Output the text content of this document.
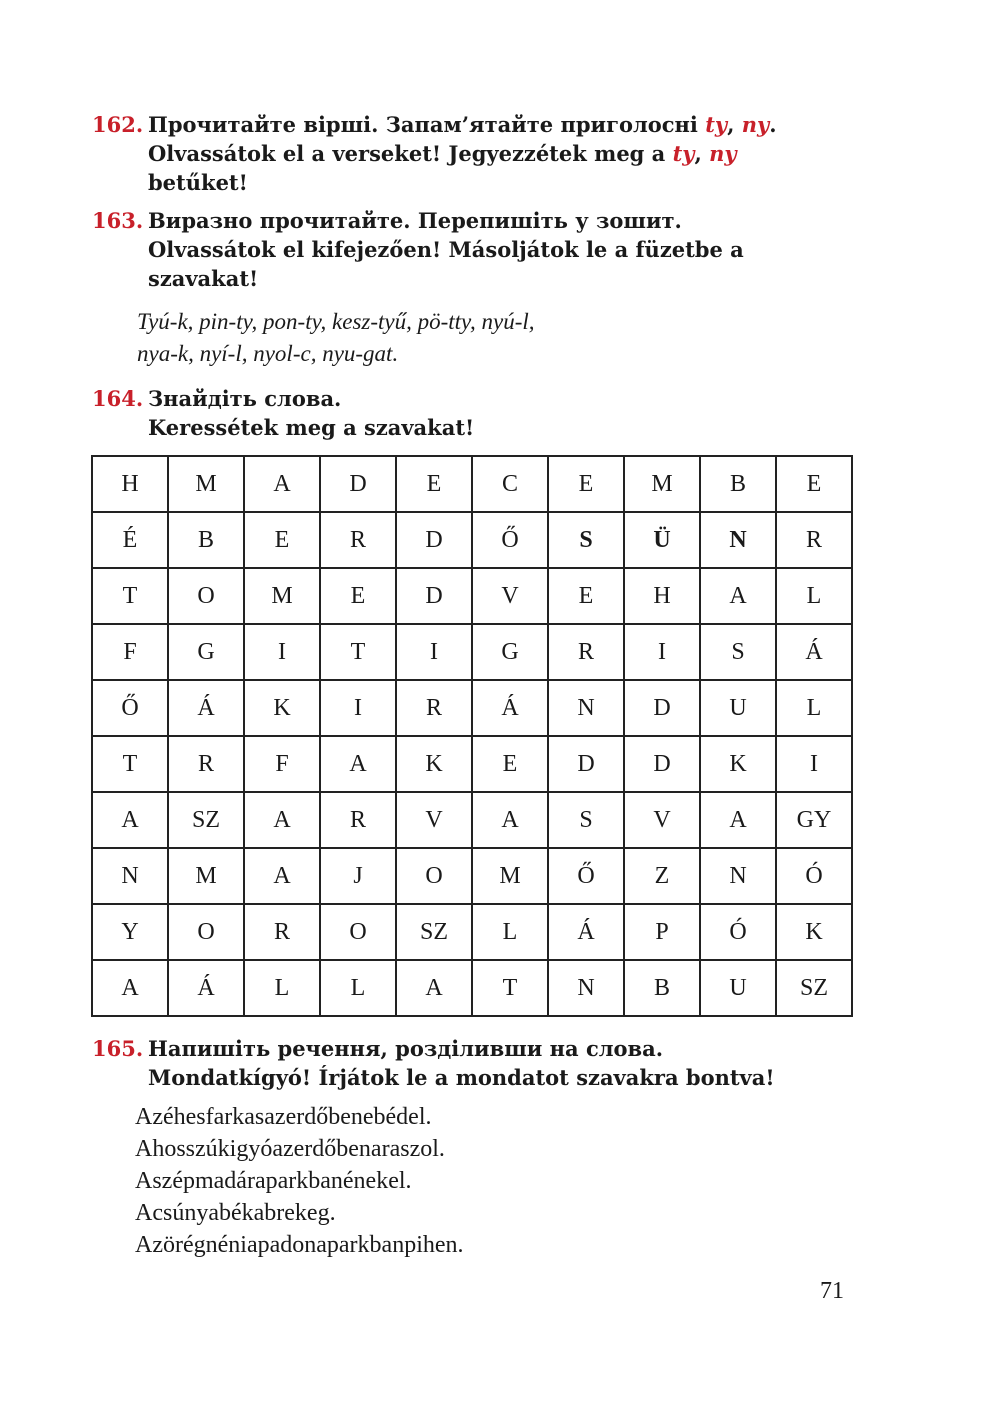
162. Прочитайте вірші. Запам’ятайте приголосні ty, ny.
Olvassátok el a verseket! Jegyezzétek meg a ty, ny
betűket!
163. Виразно прочитайте. Перепишіть у зошит.
Olvassátok el kifejezően! Másoljátok le a füzetbe a
szavakat!
Tyú-k, pin-ty, pon-ty, kesz-tyű, pö-tty, nyú-l,
nya-k, nyí-l, nyol-c, nyu-gat.
164. Знайдіть слова.
Keressétek meg a szavakat!
H	M	A	D	E	C	E	M	B	E
É	B	E	R	D	Ő	S	Ü	N	R
T	O	M	E	D	V	E	H	A	L
F	G	I	T	I	G	R	I	S	Á
Ő	Á	K	I	R	Á	N	D	U	L
T	R	F	A	K	E	D	D	K	I
A	SZ	A	R	V	A	S	V	A	GY
N	M	A	J	O	M	Ő	Z	N	Ó
Y	O	R	O	SZ	L	Á	P	Ó	K
A	Á	L	L	A	T	N	B	U	SZ
165. Напишіть речення, розділивши на слова.
Mondatkígyó! Írjátok le a mondatot szavakra bontva!
Azéhesfarkasazerdőbenebédel.
Ahosszúkigyóazerdőbenaraszol.
Aszépmadáraparkbanénekel.
Acsúnyabékabrekeg.
Azörégnéniapadonaparkbanpihen.
71
